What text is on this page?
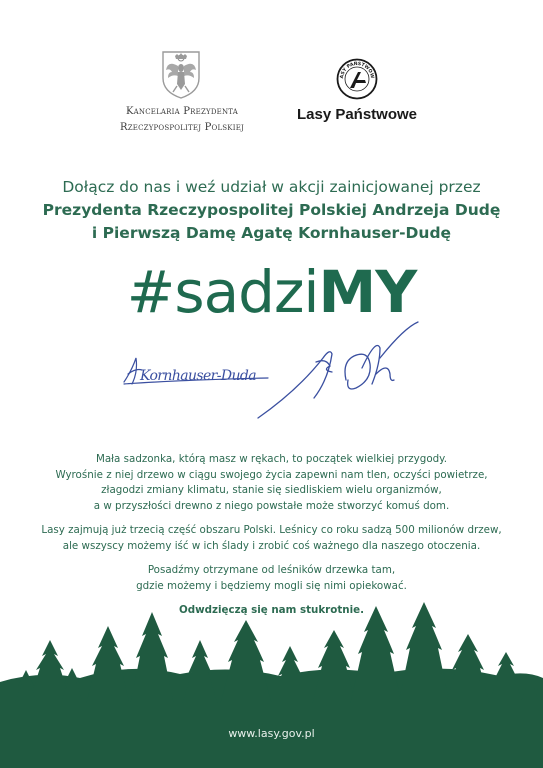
Kancelaria Prezydenta
Rzeczypospolitej Polskiej
ASY PAŃSTWOW
Lasy Państwowe
Dołącz do nas i weź udział w akcji zainicjowanej przez
Prezydenta Rzeczypospolitej Polskiej Andrzeja Dudę
i Pierwszą Damę Agatę Kornhauser-Dudę
#sadziMY
Kornhauser-Duda

Mała sadzonka, którą masz w rękach, to początek wielkiej przygody.
Wyrośnie z niej drzewo w ciągu swojego życia zapewni nam tlen, oczyści powietrze,
złagodzi zmiany klimatu, stanie się siedliskiem wielu organizmów,
a w przyszłości drewno z niego powstałe może stworzyć komuś dom.

Lasy zajmują już trzecią część obszaru Polski. Leśnicy co roku sadzą 500 milionów drzew,
ale wszyscy możemy iść w ich ślady i zrobić coś ważnego dla naszego otoczenia.

Posadźmy otrzymane od leśników drzewka tam,
gdzie możemy i będziemy mogli się nimi opiekować.

Odwdzięczą się nam stukrotnie.

www.lasy.gov.pl
